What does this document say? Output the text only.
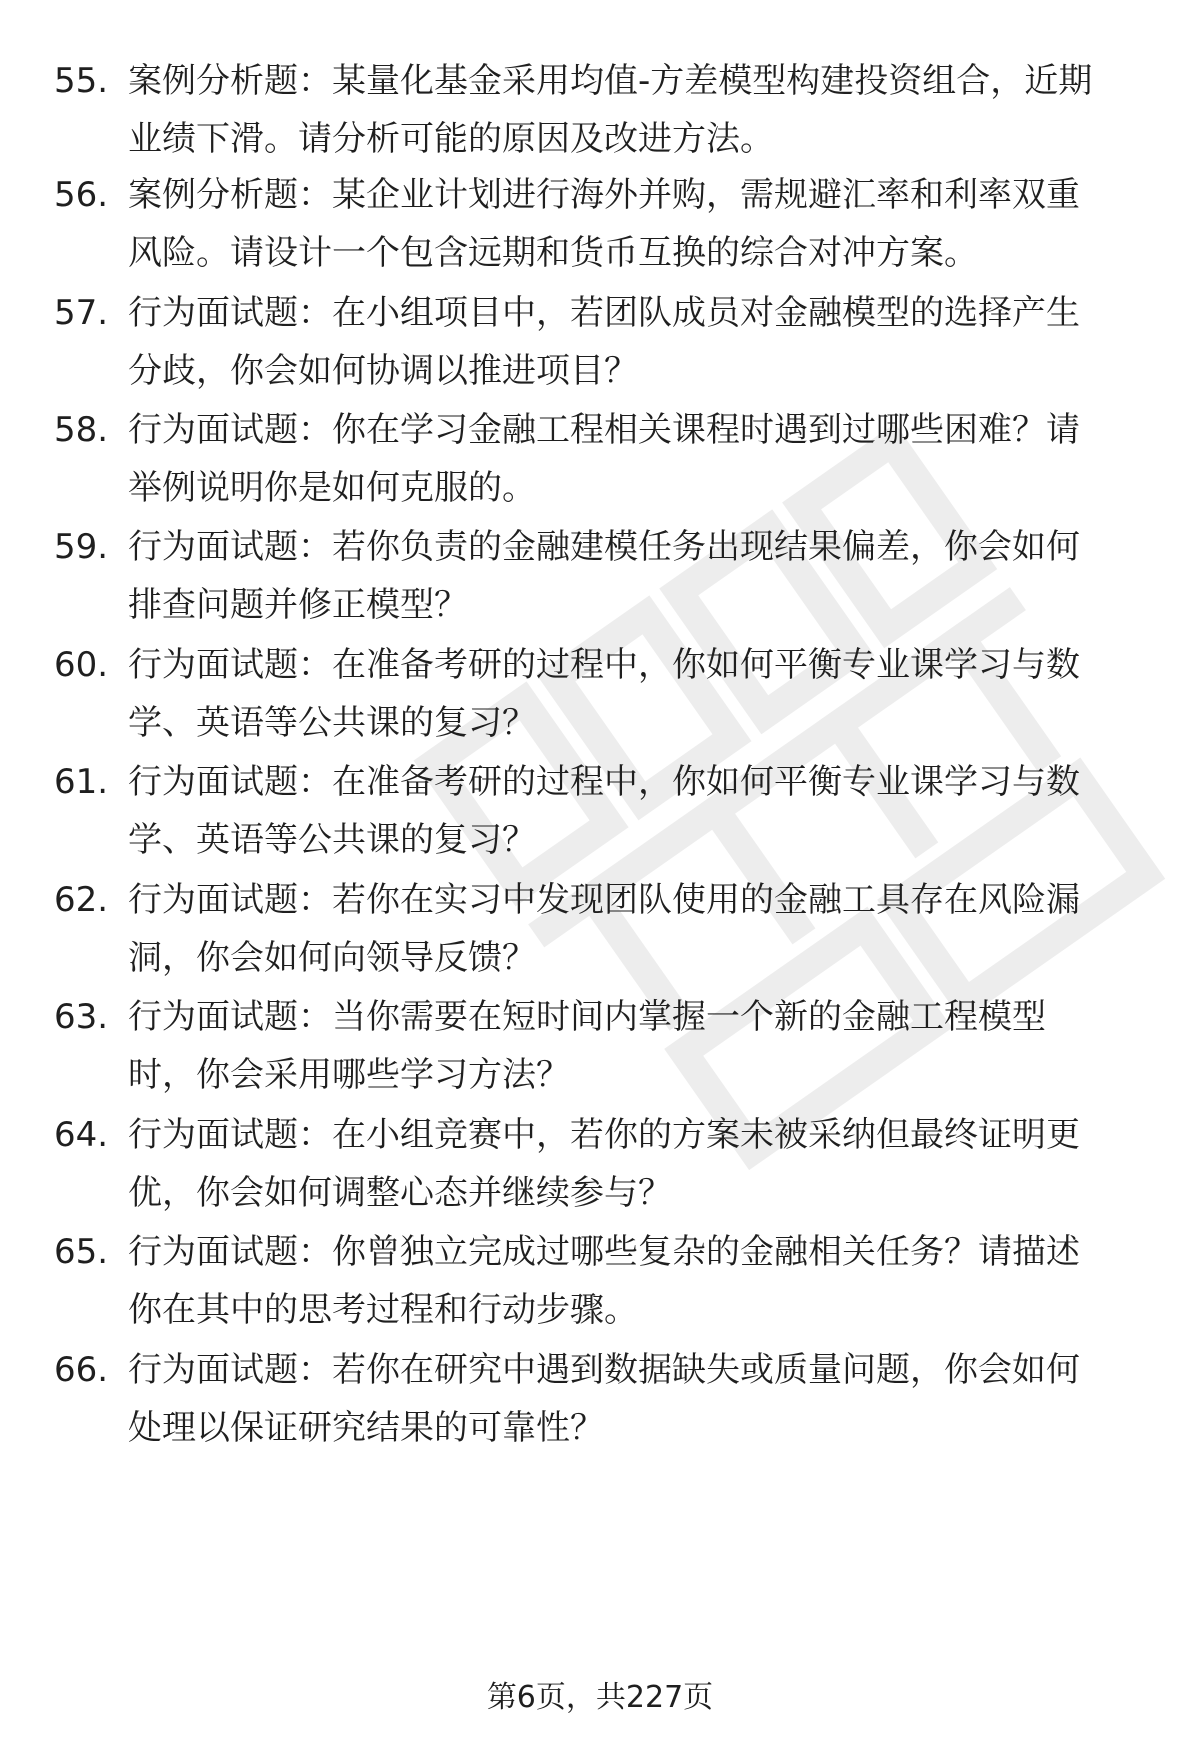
55. 案例分析题：某量化基金采用均值-方差模型构建投资组合，近期
业绩下滑。请分析可能的原因及改进方法。
56. 案例分析题：某企业计划进行海外并购，需规避汇率和利率双重
风险。请设计一个包含远期和货币互换的综合对冲方案。
57. 行为面试题：在小组项目中，若团队成员对金融模型的选择产生
分歧，你会如何协调以推进项目？
58. 行为面试题：你在学习金融工程相关课程时遇到过哪些困难？请
举例说明你是如何克服的。
59. 行为面试题：若你负责的金融建模任务出现结果偏差，你会如何
排查问题并修正模型？
60. 行为面试题：在准备考研的过程中，你如何平衡专业课学习与数
学、英语等公共课的复习？
61. 行为面试题：在准备考研的过程中，你如何平衡专业课学习与数
学、英语等公共课的复习？
62. 行为面试题：若你在实习中发现团队使用的金融工具存在风险漏
洞，你会如何向领导反馈？
63. 行为面试题：当你需要在短时间内掌握一个新的金融工程模型
时，你会采用哪些学习方法？
64. 行为面试题：在小组竞赛中，若你的方案未被采纳但最终证明更
优，你会如何调整心态并继续参与？
65. 行为面试题：你曾独立完成过哪些复杂的金融相关任务？请描述
你在其中的思考过程和行动步骤。
66. 行为面试题：若你在研究中遇到数据缺失或质量问题，你会如何
处理以保证研究结果的可靠性？
第6页，共227页
